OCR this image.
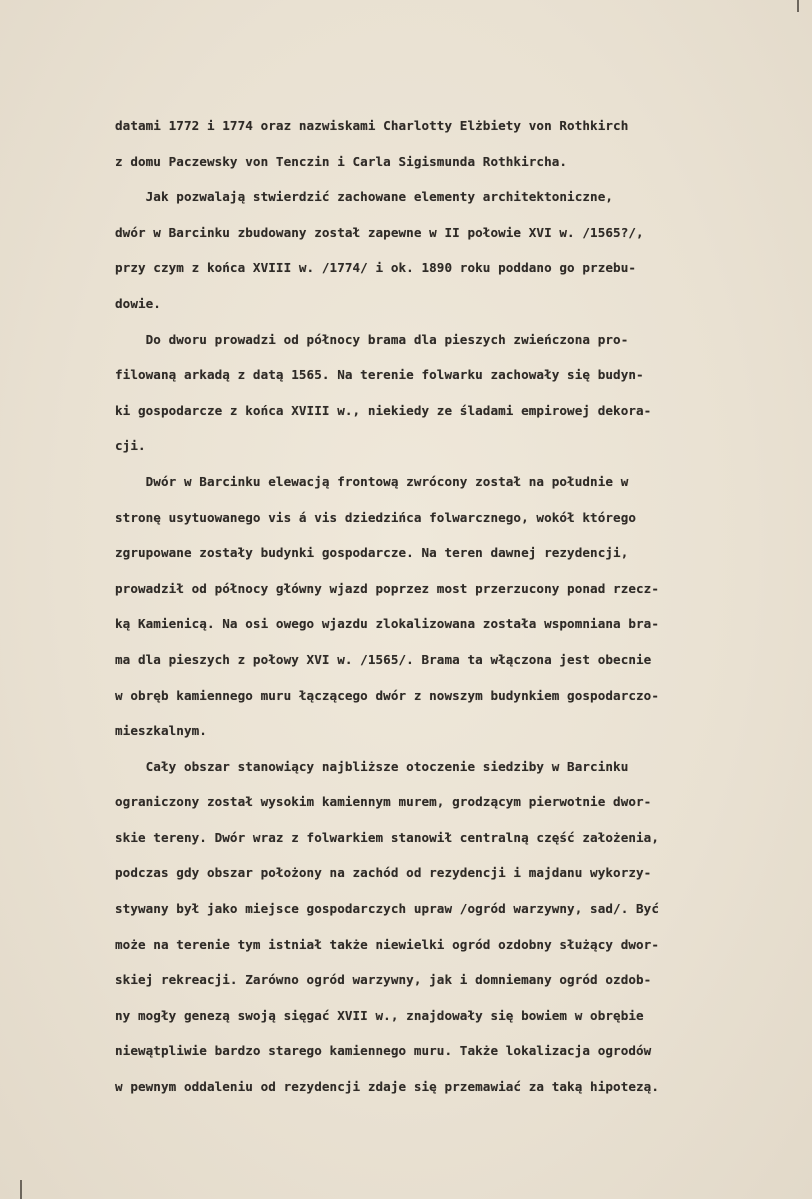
datami 1772 i 1774 oraz nazwiskami Charlotty Elżbiety von Rothkirch
z domu Paczewsky von Tenczin i Carla Sigismunda Rothkircha.
Jak pozwalają stwierdzić zachowane elementy architektoniczne,
dwór w Barcinku zbudowany został zapewne w II połowie XVI w. /1565?/,
przy czym z końca XVIII w. /1774/ i ok. 1890 roku poddano go przebu-
dowie.
Do dworu prowadzi od północy brama dla pieszych zwieńczona pro-
filowaną arkadą z datą 1565. Na terenie folwarku zachowały się budyn-
ki gospodarcze z końca XVIII w., niekiedy ze śladami empirowej dekora-
cji.
Dwór w Barcinku elewacją frontową zwrócony został na południe w
stronę usytuowanego vis á vis dziedzińca folwarcznego, wokół którego
zgrupowane zostały budynki gospodarcze. Na teren dawnej rezydencji,
prowadził od północy główny wjazd poprzez most przerzucony ponad rzecz-
ką Kamienicą. Na osi owego wjazdu zlokalizowana została wspomniana bra-
ma dla pieszych z połowy XVI w. /1565/. Brama ta włączona jest obecnie
w obręb kamiennego muru łączącego dwór z nowszym budynkiem gospodarczo-
mieszkalnym.
Cały obszar stanowiący najbliższe otoczenie siedziby w Barcinku
ograniczony został wysokim kamiennym murem, grodzącym pierwotnie dwor-
skie tereny. Dwór wraz z folwarkiem stanowił centralną część założenia,
podczas gdy obszar położony na zachód od rezydencji i majdanu wykorzy-
stywany był jako miejsce gospodarczych upraw /ogród warzywny, sad/. Być
może na terenie tym istniał także niewielki ogród ozdobny służący dwor-
skiej rekreacji. Zarówno ogród warzywny, jak i domniemany ogród ozdob-
ny mogły genezą swoją sięgać XVII w., znajdowały się bowiem w obrębie
niewątpliwie bardzo starego kamiennego muru. Także lokalizacja ogrodów
w pewnym oddaleniu od rezydencji zdaje się przemawiać za taką hipotezą.
